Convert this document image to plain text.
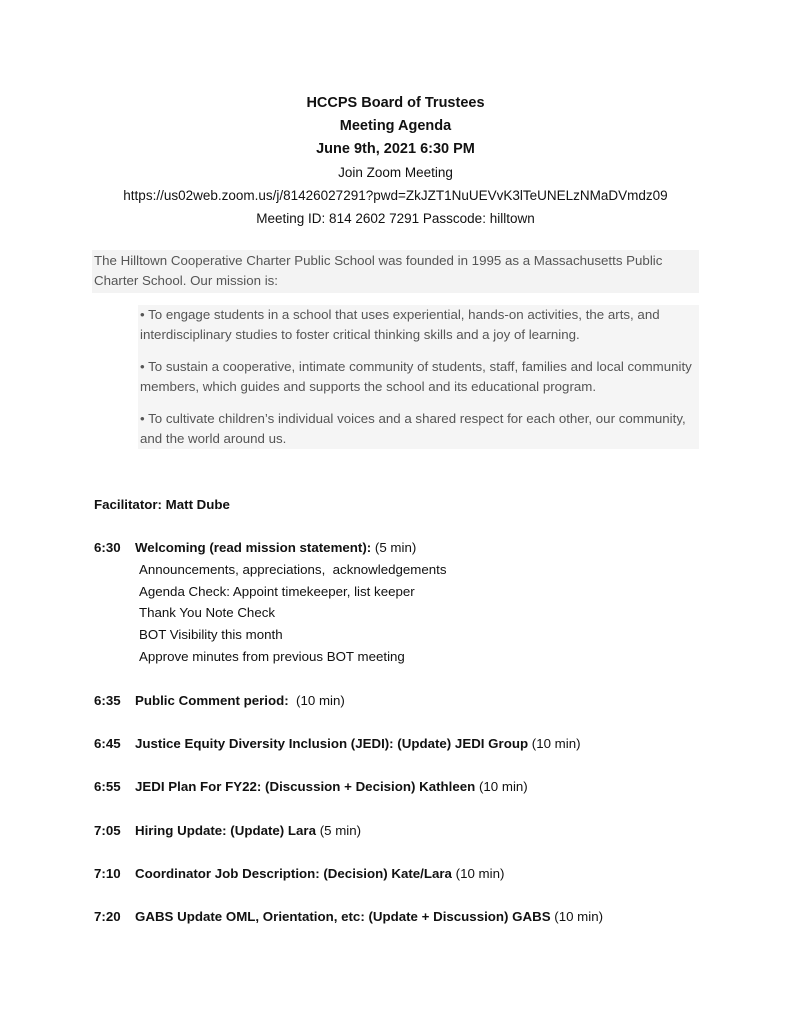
HCCPS Board of Trustees
Meeting Agenda
June 9th, 2021 6:30 PM
Join Zoom Meeting
https://us02web.zoom.us/j/81426027291?pwd=ZkJZT1NuUEVvK3lTeUNELzNMaDVmdz09
Meeting ID: 814 2602 7291 Passcode: hilltown
The Hilltown Cooperative Charter Public School was founded in 1995 as a Massachusetts Public Charter School. Our mission is:
• To engage students in a school that uses experiential, hands-on activities, the arts, and interdisciplinary studies to foster critical thinking skills and a joy of learning.
• To sustain a cooperative, intimate community of students, staff, families and local community members, which guides and supports the school and its educational program.
• To cultivate children’s individual voices and a shared respect for each other, our community, and the world around us.
Facilitator: Matt Dube
6:30 Welcoming (read mission statement): (5 min)
Announcements, appreciations,  acknowledgements
Agenda Check: Appoint timekeeper, list keeper
Thank You Note Check
BOT Visibility this month
Approve minutes from previous BOT meeting
6:35 Public Comment period:  (10 min)
6:45 Justice Equity Diversity Inclusion (JEDI): (Update) JEDI Group (10 min)
6:55 JEDI Plan For FY22: (Discussion + Decision) Kathleen (10 min)
7:05 Hiring Update: (Update) Lara (5 min)
7:10 Coordinator Job Description: (Decision) Kate/Lara (10 min)
7:20 GABS Update OML, Orientation, etc: (Update + Discussion) GABS (10 min)
